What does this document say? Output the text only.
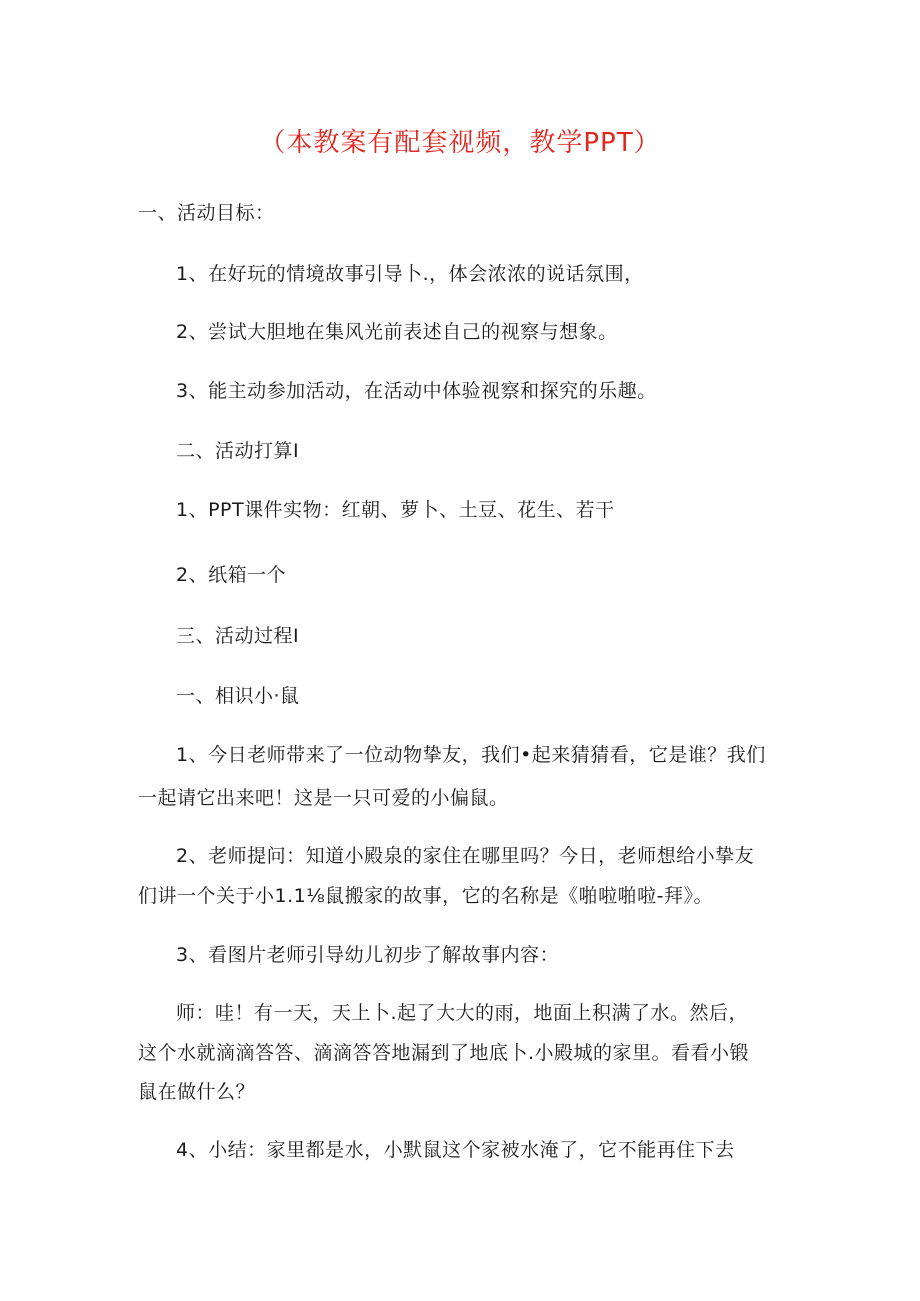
（本教案有配套视频，教学PPT）
一、活动目标：
1、在好玩的情境故事引导卜.，体会浓浓的说话氛围，
2、尝试大胆地在集风光前表述自己的视察与想象。
3、能主动参加活动，在活动中体验视察和探究的乐趣。
二、活动打算I
1、PPT课件实物：红朝、萝卜、土豆、花生、若干
2、纸箱一个
三、活动过程I
一、相识小·鼠
1、今日老师带来了一位动物挚友，我们•起来猜猜看，它是谁？我们
一起请它出来吧！这是一只可爱的小偏鼠。
2、老师提问：知道小殿泉的家住在哪里吗？今日，老师想给小挚友
们讲一个关于小1.1⅛鼠搬家的故事，它的名称是《啪啦啪啦-拜》。
3、看图片老师引导幼儿初步了解故事内容：
师：哇！有一天，天上卜.起了大大的雨，地面上积满了水。然后，
这个水就滴滴答答、滴滴答答地漏到了地底卜.小殿城的家里。看看小锻
鼠在做什么？
4、小结：家里都是水，小默鼠这个家被水淹了，它不能再住下去
